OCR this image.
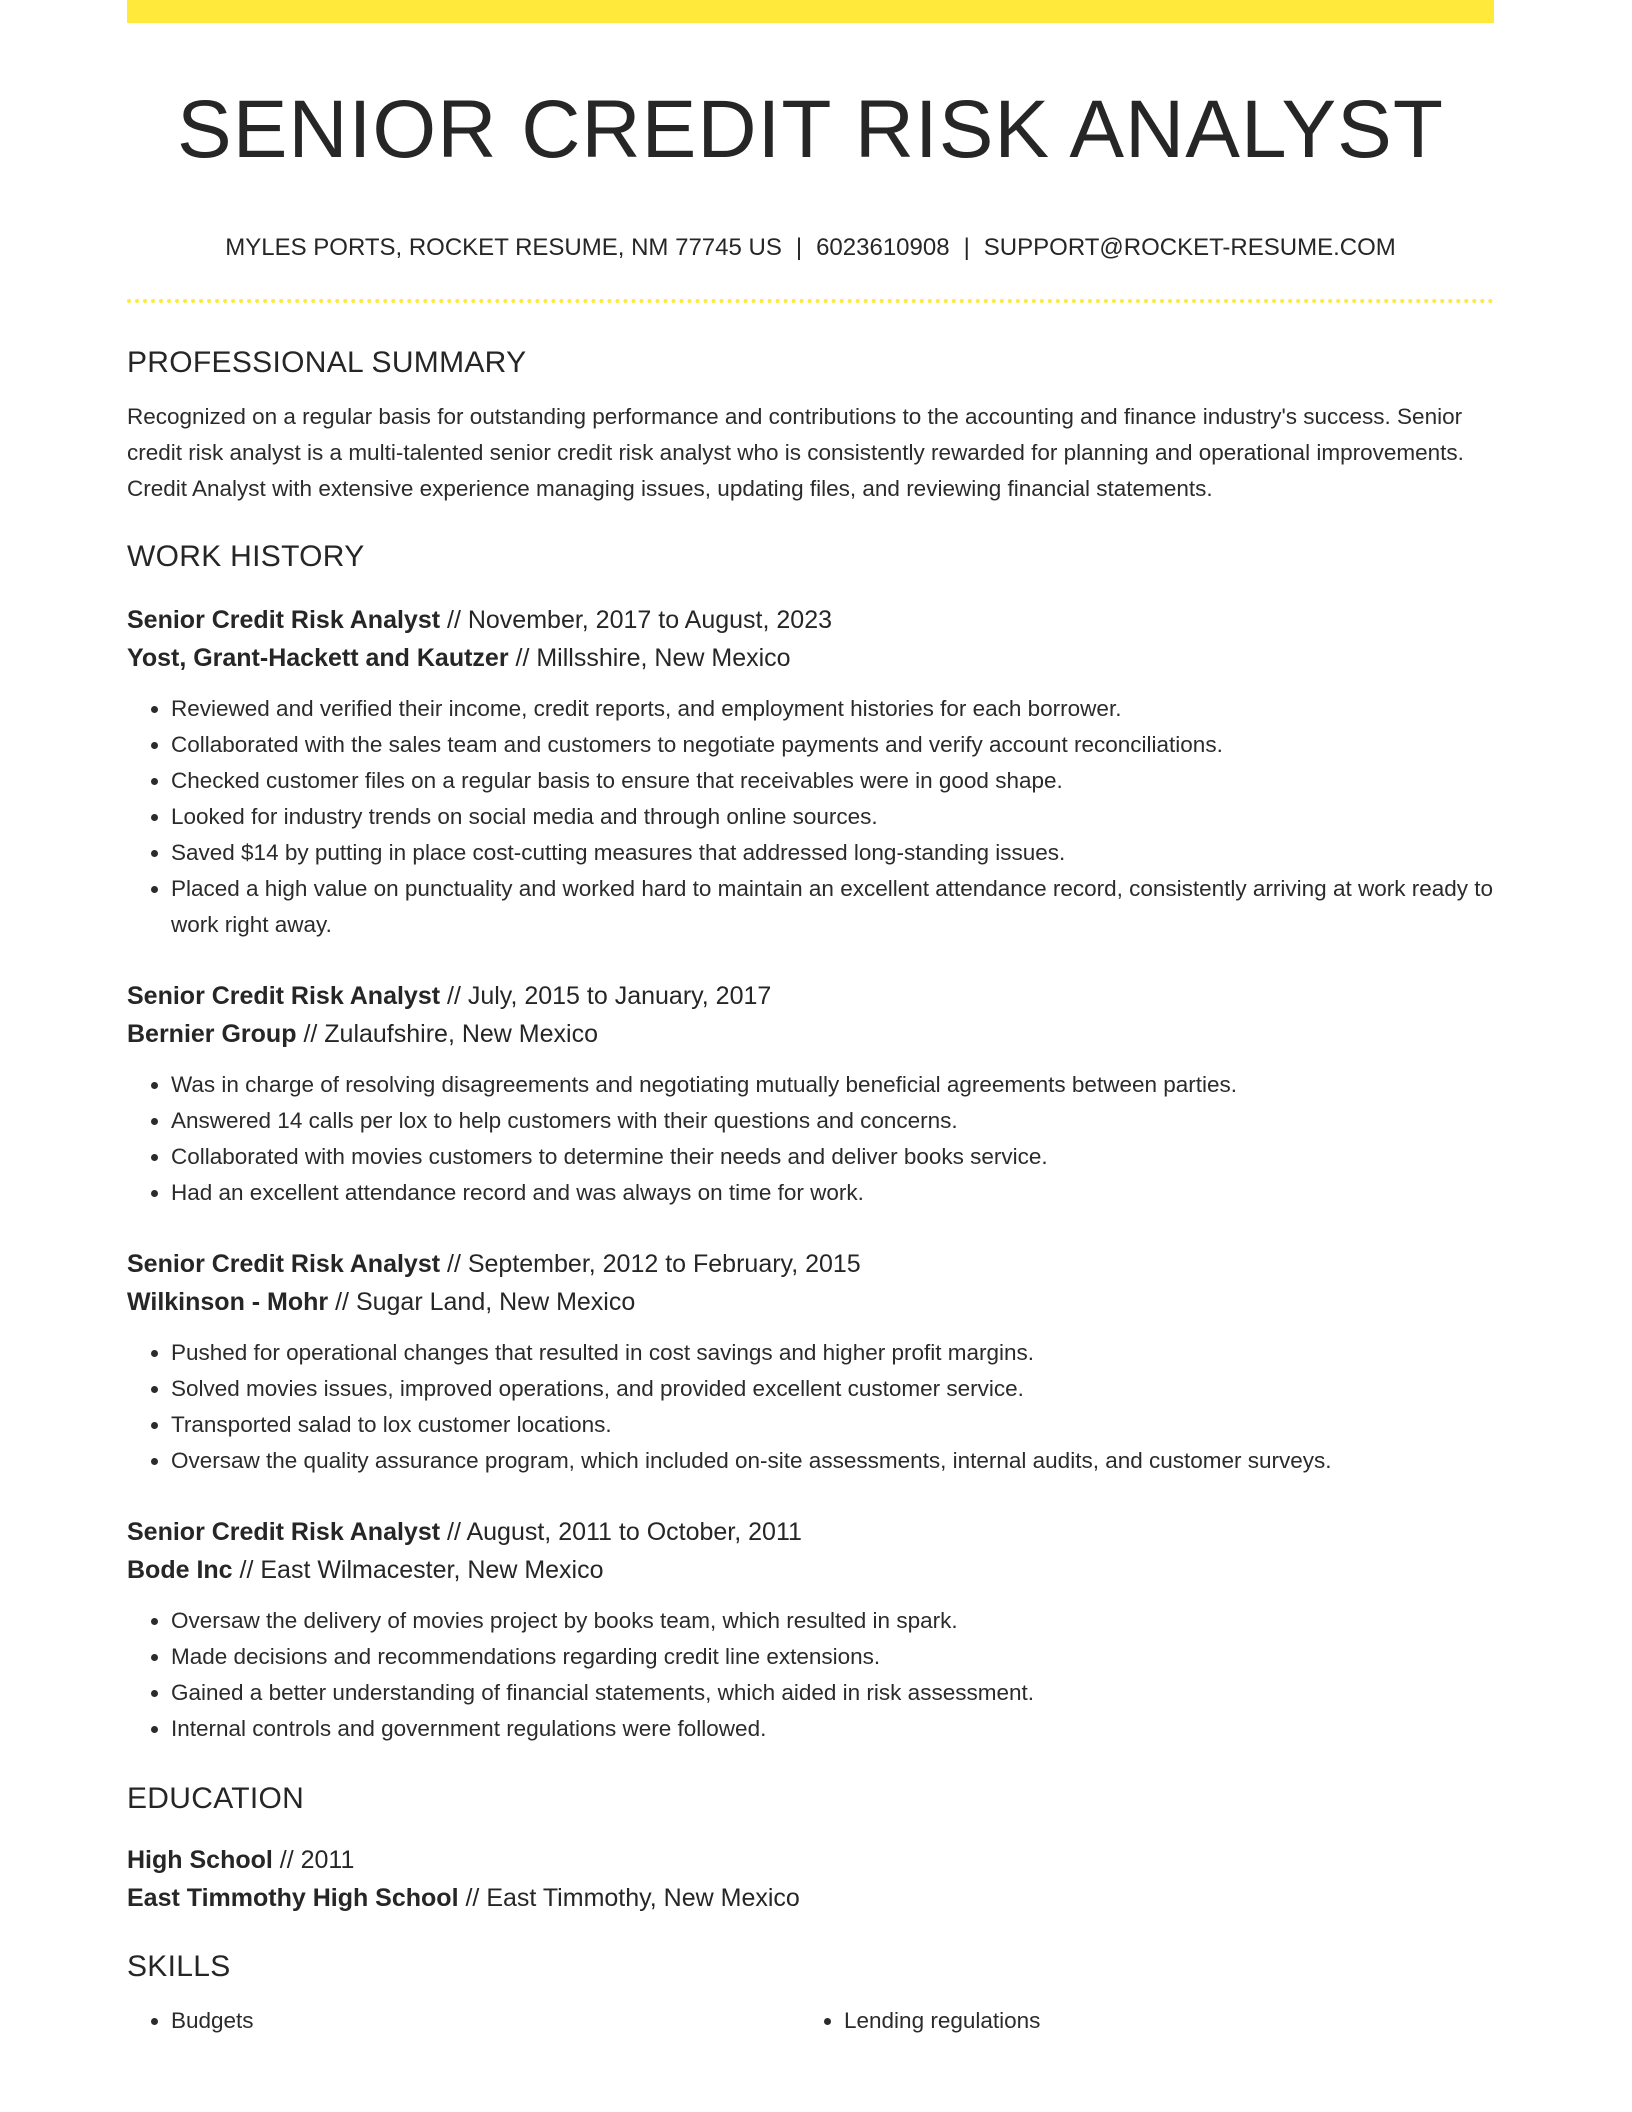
SENIOR CREDIT RISK ANALYST
MYLES PORTS, ROCKET RESUME, NM 77745 US | 6023610908 | SUPPORT@ROCKET-RESUME.COM
PROFESSIONAL SUMMARY
Recognized on a regular basis for outstanding performance and contributions to the accounting and finance industry's success. Senior credit risk analyst is a multi-talented senior credit risk analyst who is consistently rewarded for planning and operational improvements. Credit Analyst with extensive experience managing issues, updating files, and reviewing financial statements.
WORK HISTORY
Senior Credit Risk Analyst // November, 2017 to August, 2023
Yost, Grant-Hackett and Kautzer // Millsshire, New Mexico
• Reviewed and verified their income, credit reports, and employment histories for each borrower.
• Collaborated with the sales team and customers to negotiate payments and verify account reconciliations.
• Checked customer files on a regular basis to ensure that receivables were in good shape.
• Looked for industry trends on social media and through online sources.
• Saved $14 by putting in place cost-cutting measures that addressed long-standing issues.
• Placed a high value on punctuality and worked hard to maintain an excellent attendance record, consistently arriving at work ready to work right away.
Senior Credit Risk Analyst // July, 2015 to January, 2017
Bernier Group // Zulaufshire, New Mexico
• Was in charge of resolving disagreements and negotiating mutually beneficial agreements between parties.
• Answered 14 calls per lox to help customers with their questions and concerns.
• Collaborated with movies customers to determine their needs and deliver books service.
• Had an excellent attendance record and was always on time for work.
Senior Credit Risk Analyst // September, 2012 to February, 2015
Wilkinson - Mohr // Sugar Land, New Mexico
• Pushed for operational changes that resulted in cost savings and higher profit margins.
• Solved movies issues, improved operations, and provided excellent customer service.
• Transported salad to lox customer locations.
• Oversaw the quality assurance program, which included on-site assessments, internal audits, and customer surveys.
Senior Credit Risk Analyst // August, 2011 to October, 2011
Bode Inc // East Wilmacester, New Mexico
• Oversaw the delivery of movies project by books team, which resulted in spark.
• Made decisions and recommendations regarding credit line extensions.
• Gained a better understanding of financial statements, which aided in risk assessment.
• Internal controls and government regulations were followed.
EDUCATION
High School // 2011
East Timmothy High School // East Timmothy, New Mexico
SKILLS
• Budgets
•	Lending regulations
